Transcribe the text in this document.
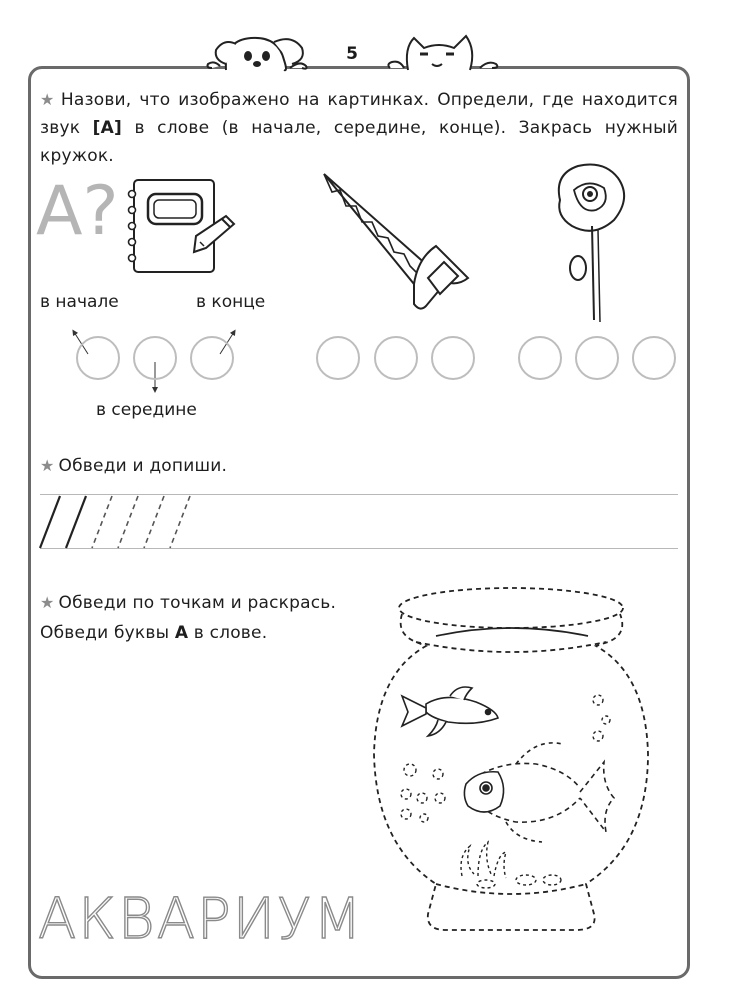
5
★ Назови, что изображено на картинках. Определи, где находится звук [А] в слове (в начале, середине, конце). Закрась нужный кружок.
А?
в начале	в конце
в середине
★ Обведи и допиши.
★ Обведи по точкам и раскрась.
Обведи буквы А в слове.
АКВАРИУМ
